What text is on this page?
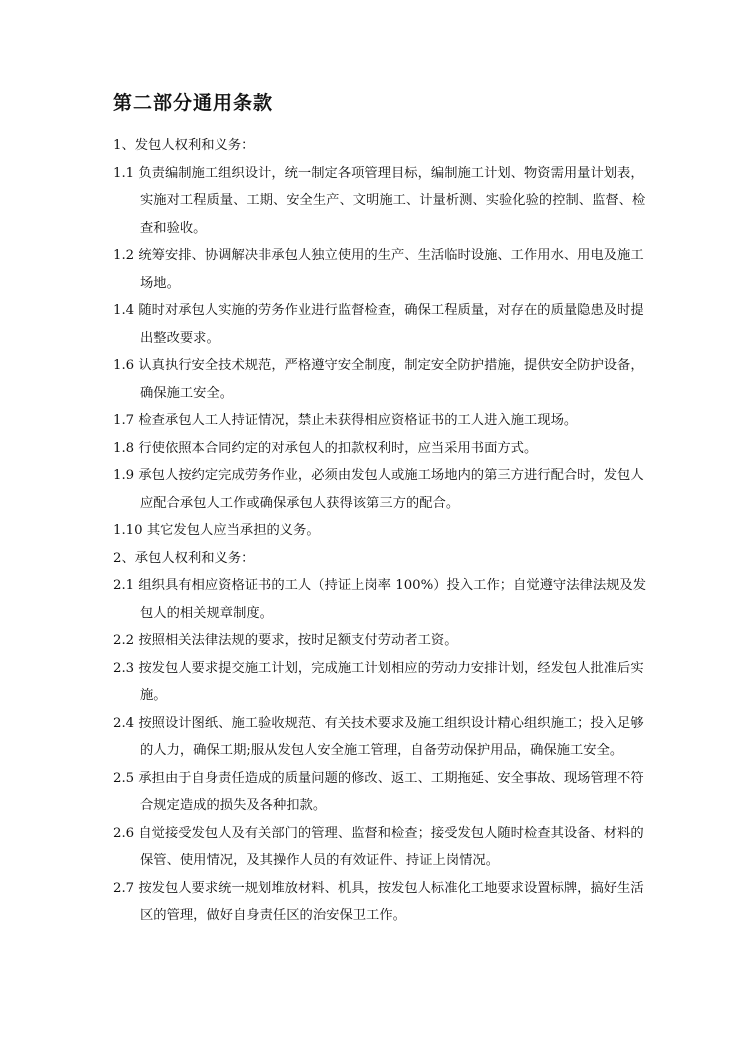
第二部分通用条款

1、发包人权利和义务：

1.1 负责编制施工组织设计，统一制定各项管理目标，编制施工计划、物资需用量计划表，实施对工程质量、工期、安全生产、文明施工、计量析测、实验化验的控制、监督、检查和验收。

1.2 统筹安排、协调解决非承包人独立使用的生产、生活临时设施、工作用水、用电及施工场地。

1.4 随时对承包人实施的劳务作业进行监督检查，确保工程质量，对存在的质量隐患及时提出整改要求。

1.6 认真执行安全技术规范，严格遵守安全制度，制定安全防护措施，提供安全防护设备，确保施工安全。

1.7 检查承包人工人持证情况，禁止未获得相应资格证书的工人进入施工现场。

1.8 行使依照本合同约定的对承包人的扣款权利时，应当采用书面方式。

1.9 承包人按约定完成劳务作业，必须由发包人或施工场地内的第三方进行配合时，发包人应配合承包人工作或确保承包人获得该第三方的配合。

1.10 其它发包人应当承担的义务。

2、承包人权利和义务：

2.1 组织具有相应资格证书的工人（持证上岗率 100%）投入工作；自觉遵守法律法规及发包人的相关规章制度。

2.2 按照相关法律法规的要求，按时足额支付劳动者工资。

2.3 按发包人要求提交施工计划，完成施工计划相应的劳动力安排计划，经发包人批准后实施。

2.4 按照设计图纸、施工验收规范、有关技术要求及施工组织设计精心组织施工；投入足够的人力，确保工期;服从发包人安全施工管理，自备劳动保护用品，确保施工安全。

2.5 承担由于自身责任造成的质量问题的修改、返工、工期拖延、安全事故、现场管理不符合规定造成的损失及各种扣款。

2.6 自觉接受发包人及有关部门的管理、监督和检查；接受发包人随时检查其设备、材料的保管、使用情况，及其操作人员的有效证件、持证上岗情况。

2.7 按发包人要求统一规划堆放材料、机具，按发包人标准化工地要求设置标牌，搞好生活区的管理，做好自身责任区的治安保卫工作。
